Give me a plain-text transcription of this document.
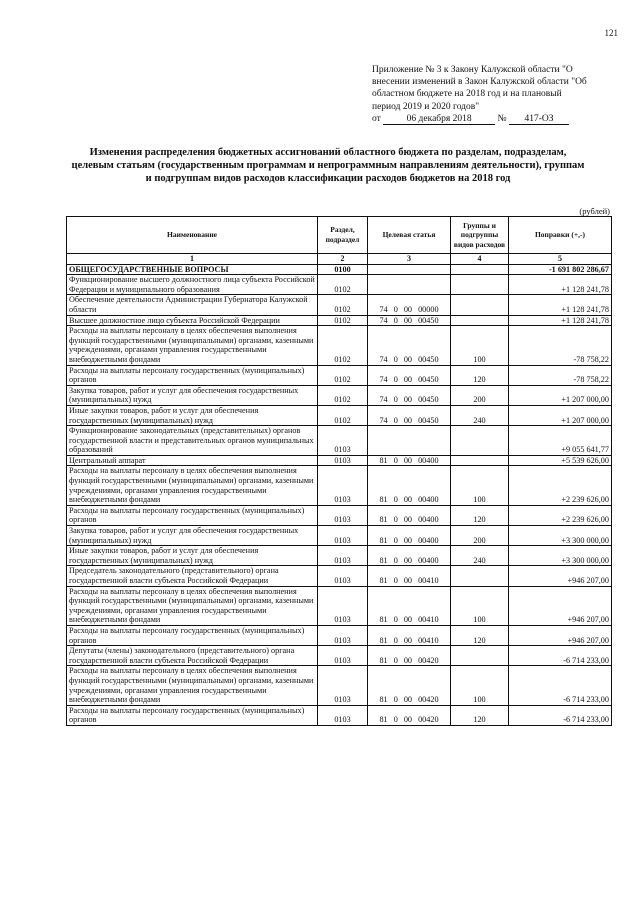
121
Приложение № 3 к Закону Калужской области "О
внесении изменений в Закон Калужской области "Об
областном бюджете на 2018 год и на плановый
период 2019 и 2020 годов"
от	06 декабря 2018	№ 417-ОЗ
Изменения распределения бюджетных ассигнований областного бюджета по разделам, подразделам, целевым статьям (государственным программам и непрограммным направлениям деятельности), группам и подгруппам видов расходов классификации расходов бюджетов на 2018 год
(рублей)
Наименование	Раздел, подраздел	Целевая статья	Группы и подгруппы видов расходов	Поправки (+,-)
1	2	3	4	5
ОБЩЕГОСУДАРСТВЕННЫЕ ВОПРОСЫ	0100			-1 691 802 286,67
Функционирование высшего должностного лица субъекта Российской Федерации и муниципального образования	0102			+1 128 241,78
Обеспечение деятельности Администрации Губернатора Калужской области	0102	74 0 00 00000		+1 128 241,78
Высшее должностное лицо субъекта Российской Федерации	0102	74 0 00 00450		+1 128 241,78
Расходы на выплаты персоналу в целях обеспечения выполнения функций государственными (муниципальными) органами, казенными учреждениями, органами управления государственными внебюджетными фондами	0102	74 0 00 00450	100	-78 758,22
Расходы на выплаты персоналу государственных (муниципальных) органов	0102	74 0 00 00450	120	-78 758,22
Закупка товаров, работ и услуг для обеспечения государственных (муниципальных) нужд	0102	74 0 00 00450	200	+1 207 000,00
Иные закупки товаров, работ и услуг для обеспечения государственных (муниципальных) нужд	0102	74 0 00 00450	240	+1 207 000,00
Функционирование законодательных (представительных) органов государственной власти и представительных органов муниципальных образований	0103			+9 055 641,77
Центральный аппарат	0103	81 0 00 00400		+5 539 626,00
Расходы на выплаты персоналу в целях обеспечения выполнения функций государственными (муниципальными) органами, казенными учреждениями, органами управления государственными внебюджетными фондами	0103	81 0 00 00400	100	+2 239 626,00
Расходы на выплаты персоналу государственных (муниципальных) органов	0103	81 0 00 00400	120	+2 239 626,00
Закупка товаров, работ и услуг для обеспечения государственных (муниципальных) нужд	0103	81 0 00 00400	200	+3 300 000,00
Иные закупки товаров, работ и услуг для обеспечения государственных (муниципальных) нужд	0103	81 0 00 00400	240	+3 300 000,00
Председатель законодательного (представительного) органа государственной власти субъекта Российской Федерации	0103	81 0 00 00410		+946 207,00
Расходы на выплаты персоналу в целях обеспечения выполнения функций государственными (муниципальными) органами, казенными учреждениями, органами управления государственными внебюджетными фондами	0103	81 0 00 00410	100	+946 207,00
Расходы на выплаты персоналу государственных (муниципальных) органов	0103	81 0 00 00410	120	+946 207,00
Депутаты (члены) законодательного (представительного) органа государственной власти субъекта Российской Федерации	0103	81 0 00 00420		-6 714 233,00
Расходы на выплаты персоналу в целях обеспечения выполнения функций государственными (муниципальными) органами, казенными учреждениями, органами управления государственными внебюджетными фондами	0103	81 0 00 00420	100	-6 714 233,00
Расходы на выплаты персоналу государственных (муниципальных) органов	0103	81 0 00 00420	120	-6 714 233,00
